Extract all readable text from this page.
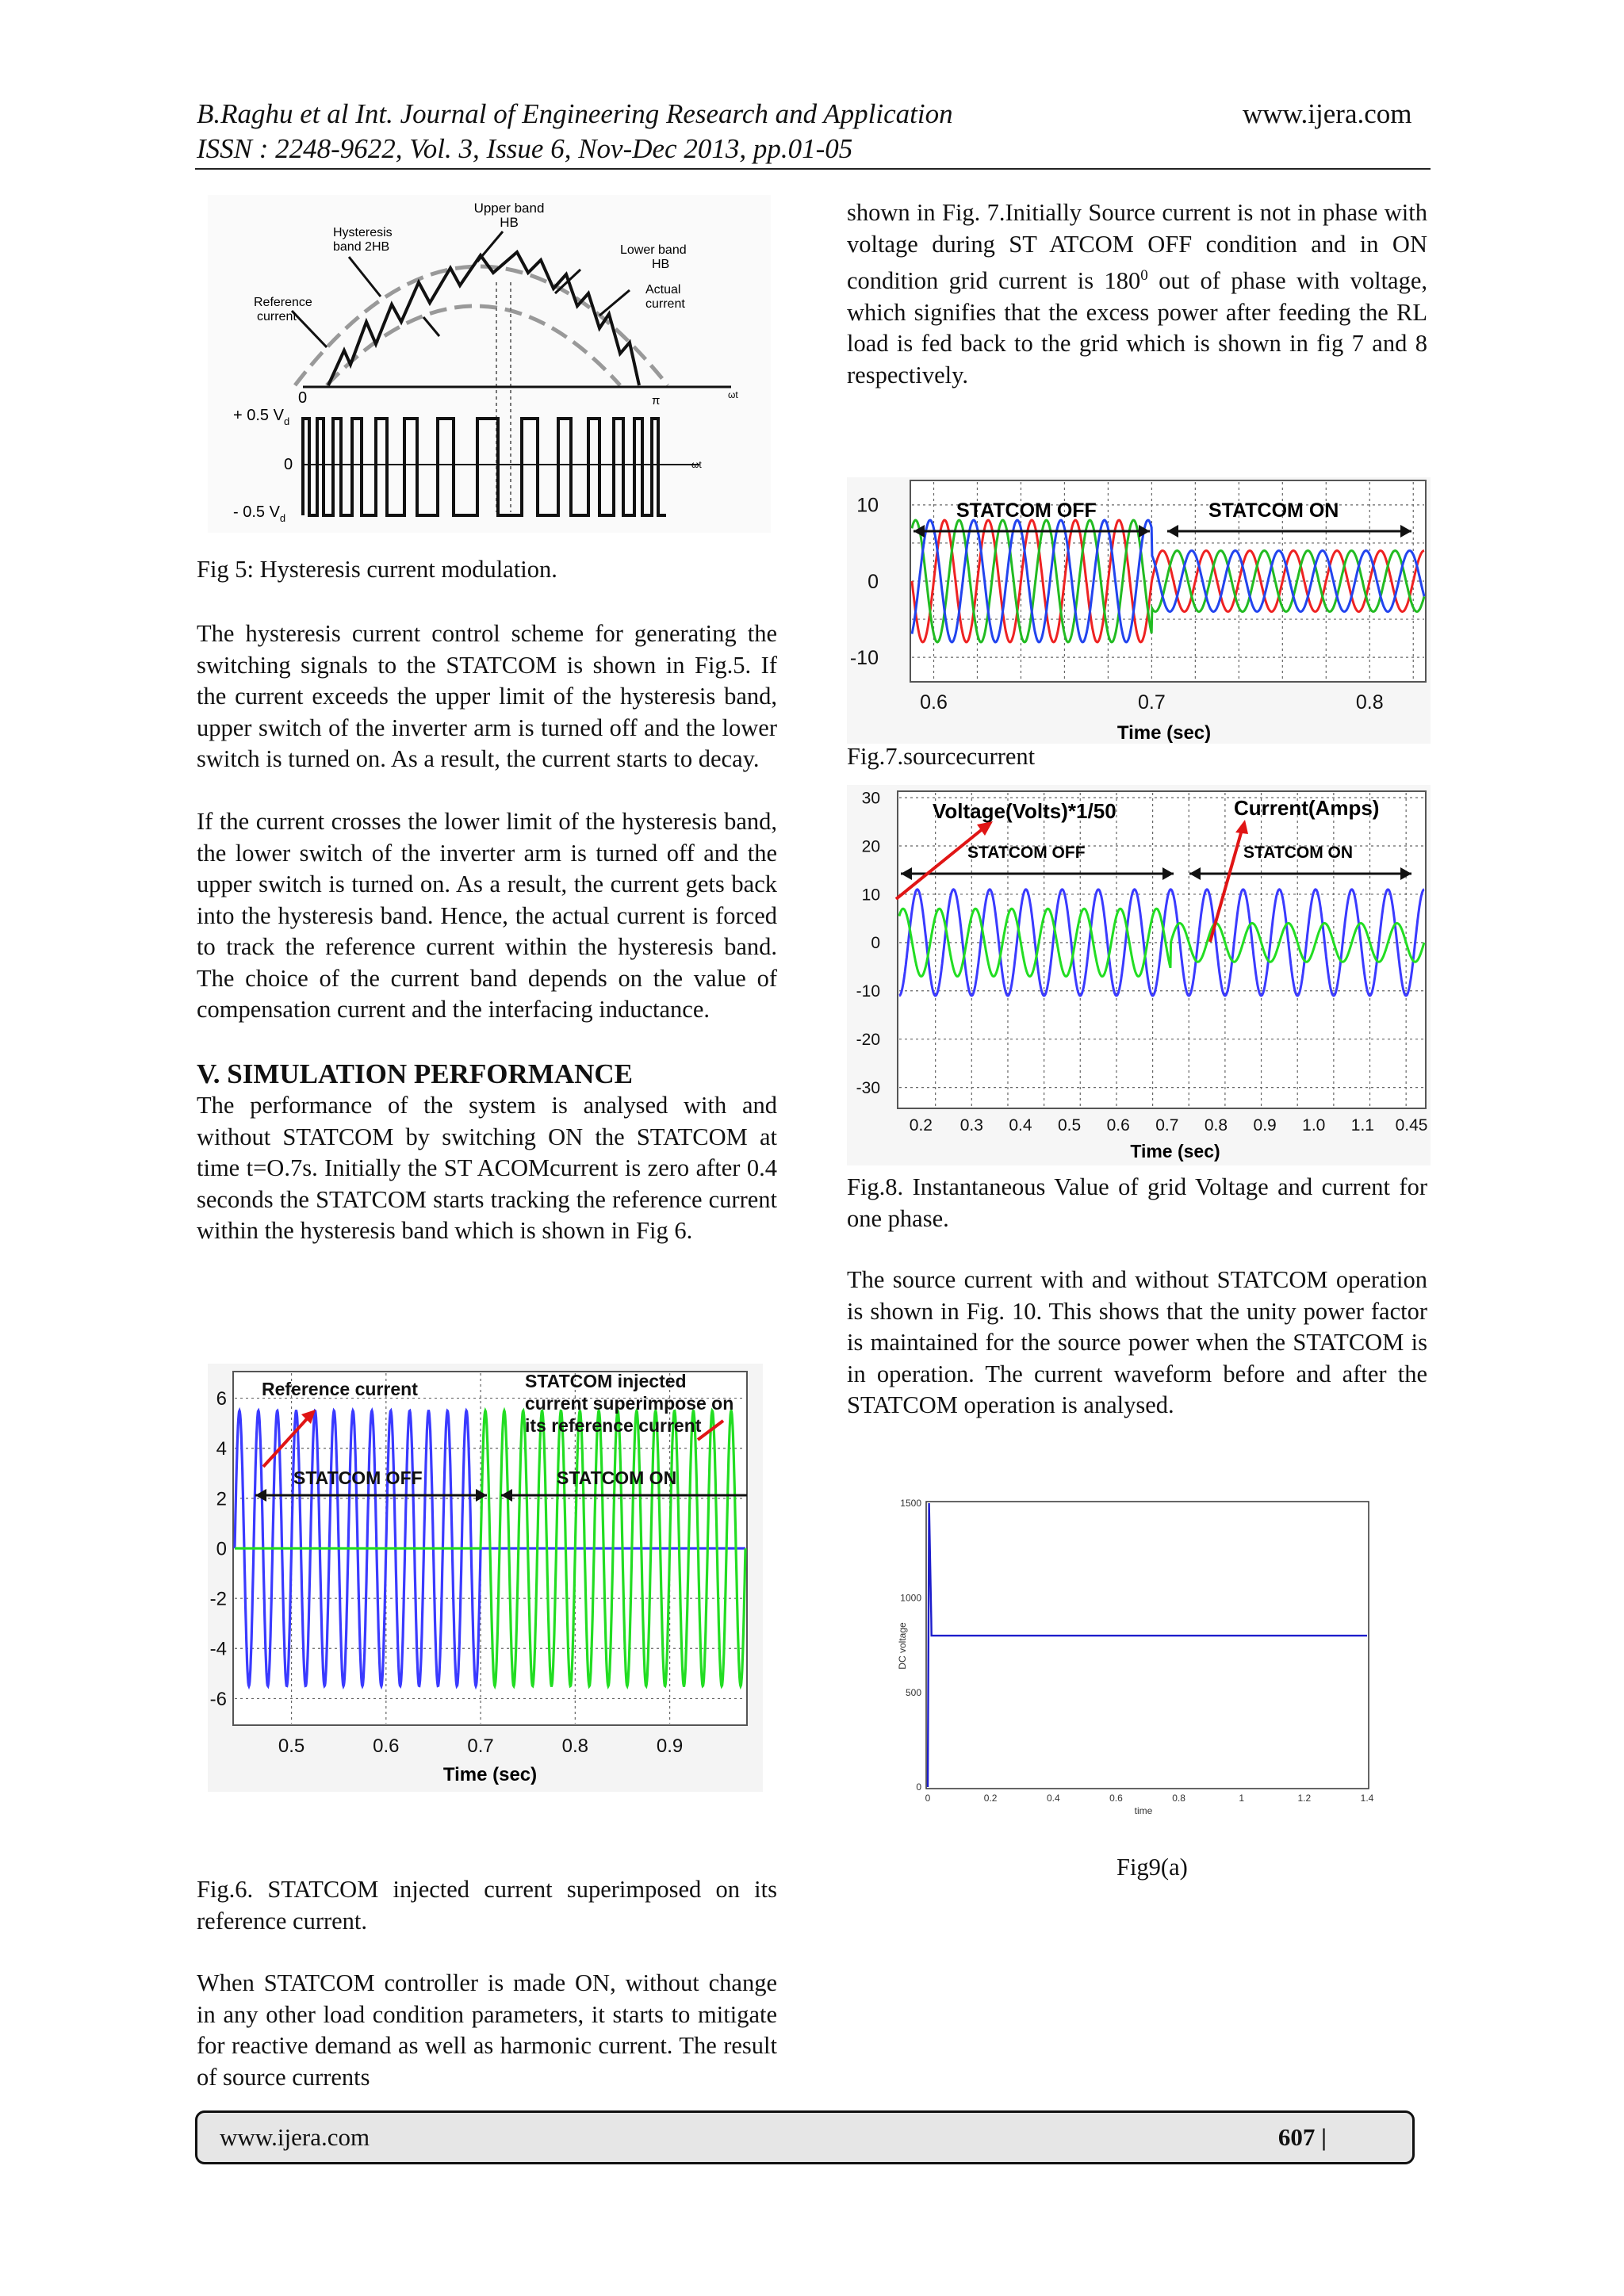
B.Raghu et al Int. Journal of Engineering Research and Application
ISSN : 2248-9622, Vol. 3, Issue 6, Nov-Dec 2013, pp.01-05
www.ijera.com
Upper band
HB
Hysteresis
band 2HB	Lower band
HB
Reference
current
Actual
current
0	π	ωt
ωt
+ 0.5 $V_d$
0
- 0.5 $V_d$

Fig 5: Hysteresis current modulation.

The hysteresis current control scheme for generating the switching signals to the STATCOM is shown in Fig.5. If the current exceeds the upper limit of the hysteresis band, upper switch of the inverter arm is turned off and the lower switch is turned on. As a result, the current starts to decay.

If the current crosses the lower limit of the hysteresis band, the lower switch of the inverter arm is turned off and the upper switch is turned on. As a result, the current gets back into the hysteresis band. Hence, the actual current is forced to track the reference current within the hysteresis band. The choice of the current band depends on the value of compensation current and the interfacing inductance.

V. SIMULATION PERFORMANCE

The performance of the system is analysed with and without STATCOM by switching ON the STATCOM at time t=O.7s. Initially the ST ACOMcurrent is zero after 0.4 seconds the STATCOM starts tracking the reference current within the hysteresis band which is shown in Fig 6.

0.5	0.6	0.7	0.8	0.9
6
4
2
0
-2
-4
-6
Time (sec)
Reference current	STATCOM injected
current superimpose on
its reference current
STATCOM OFF	STATCOM ON

Fig.6. STATCOM injected current superimposed on its reference current.

When STATCOM controller is made ON, without change in any other load condition parameters, it starts to mitigate for reactive demand as well as harmonic current. The result of source currents

shown in Fig. 7.Initially Source current is not in phase with voltage during ST ATCOM OFF condition and in ON condition grid current is $180^0$ out of phase with voltage, which signifies that the excess power after feeding the RL load is fed back to the grid which is shown in fig 7 and 8 respectively.

0.6	0.7	0.8
10
0
-10
Time (sec)
STATCOM OFF	STATCOM ON

Fig.7.sourcecurrent

0.2 0.3 0.4 0.5 0.6 0.7 0.8 0.9 1.0 1.1 0.45
30
20
10
0
-10
-20
-30
Time (sec)
Voltage(Volts)*1/50	Current(Amps)
STATCOM OFF	STATCOM ON

Fig.8. Instantaneous Value of grid Voltage and current for one phase.

The source current with and without STATCOM operation is shown in Fig. 10. This shows that the unity power factor is maintained for the source power when the STATCOM is in operation. The current waveform before and after the STATCOM operation is analysed.

0	0.2	0.4	0.6	0.8	1	1.2	1.4
1500
1000
500
0
time
DC voltage

Fig9(a)

www.ijera.com	607 |
